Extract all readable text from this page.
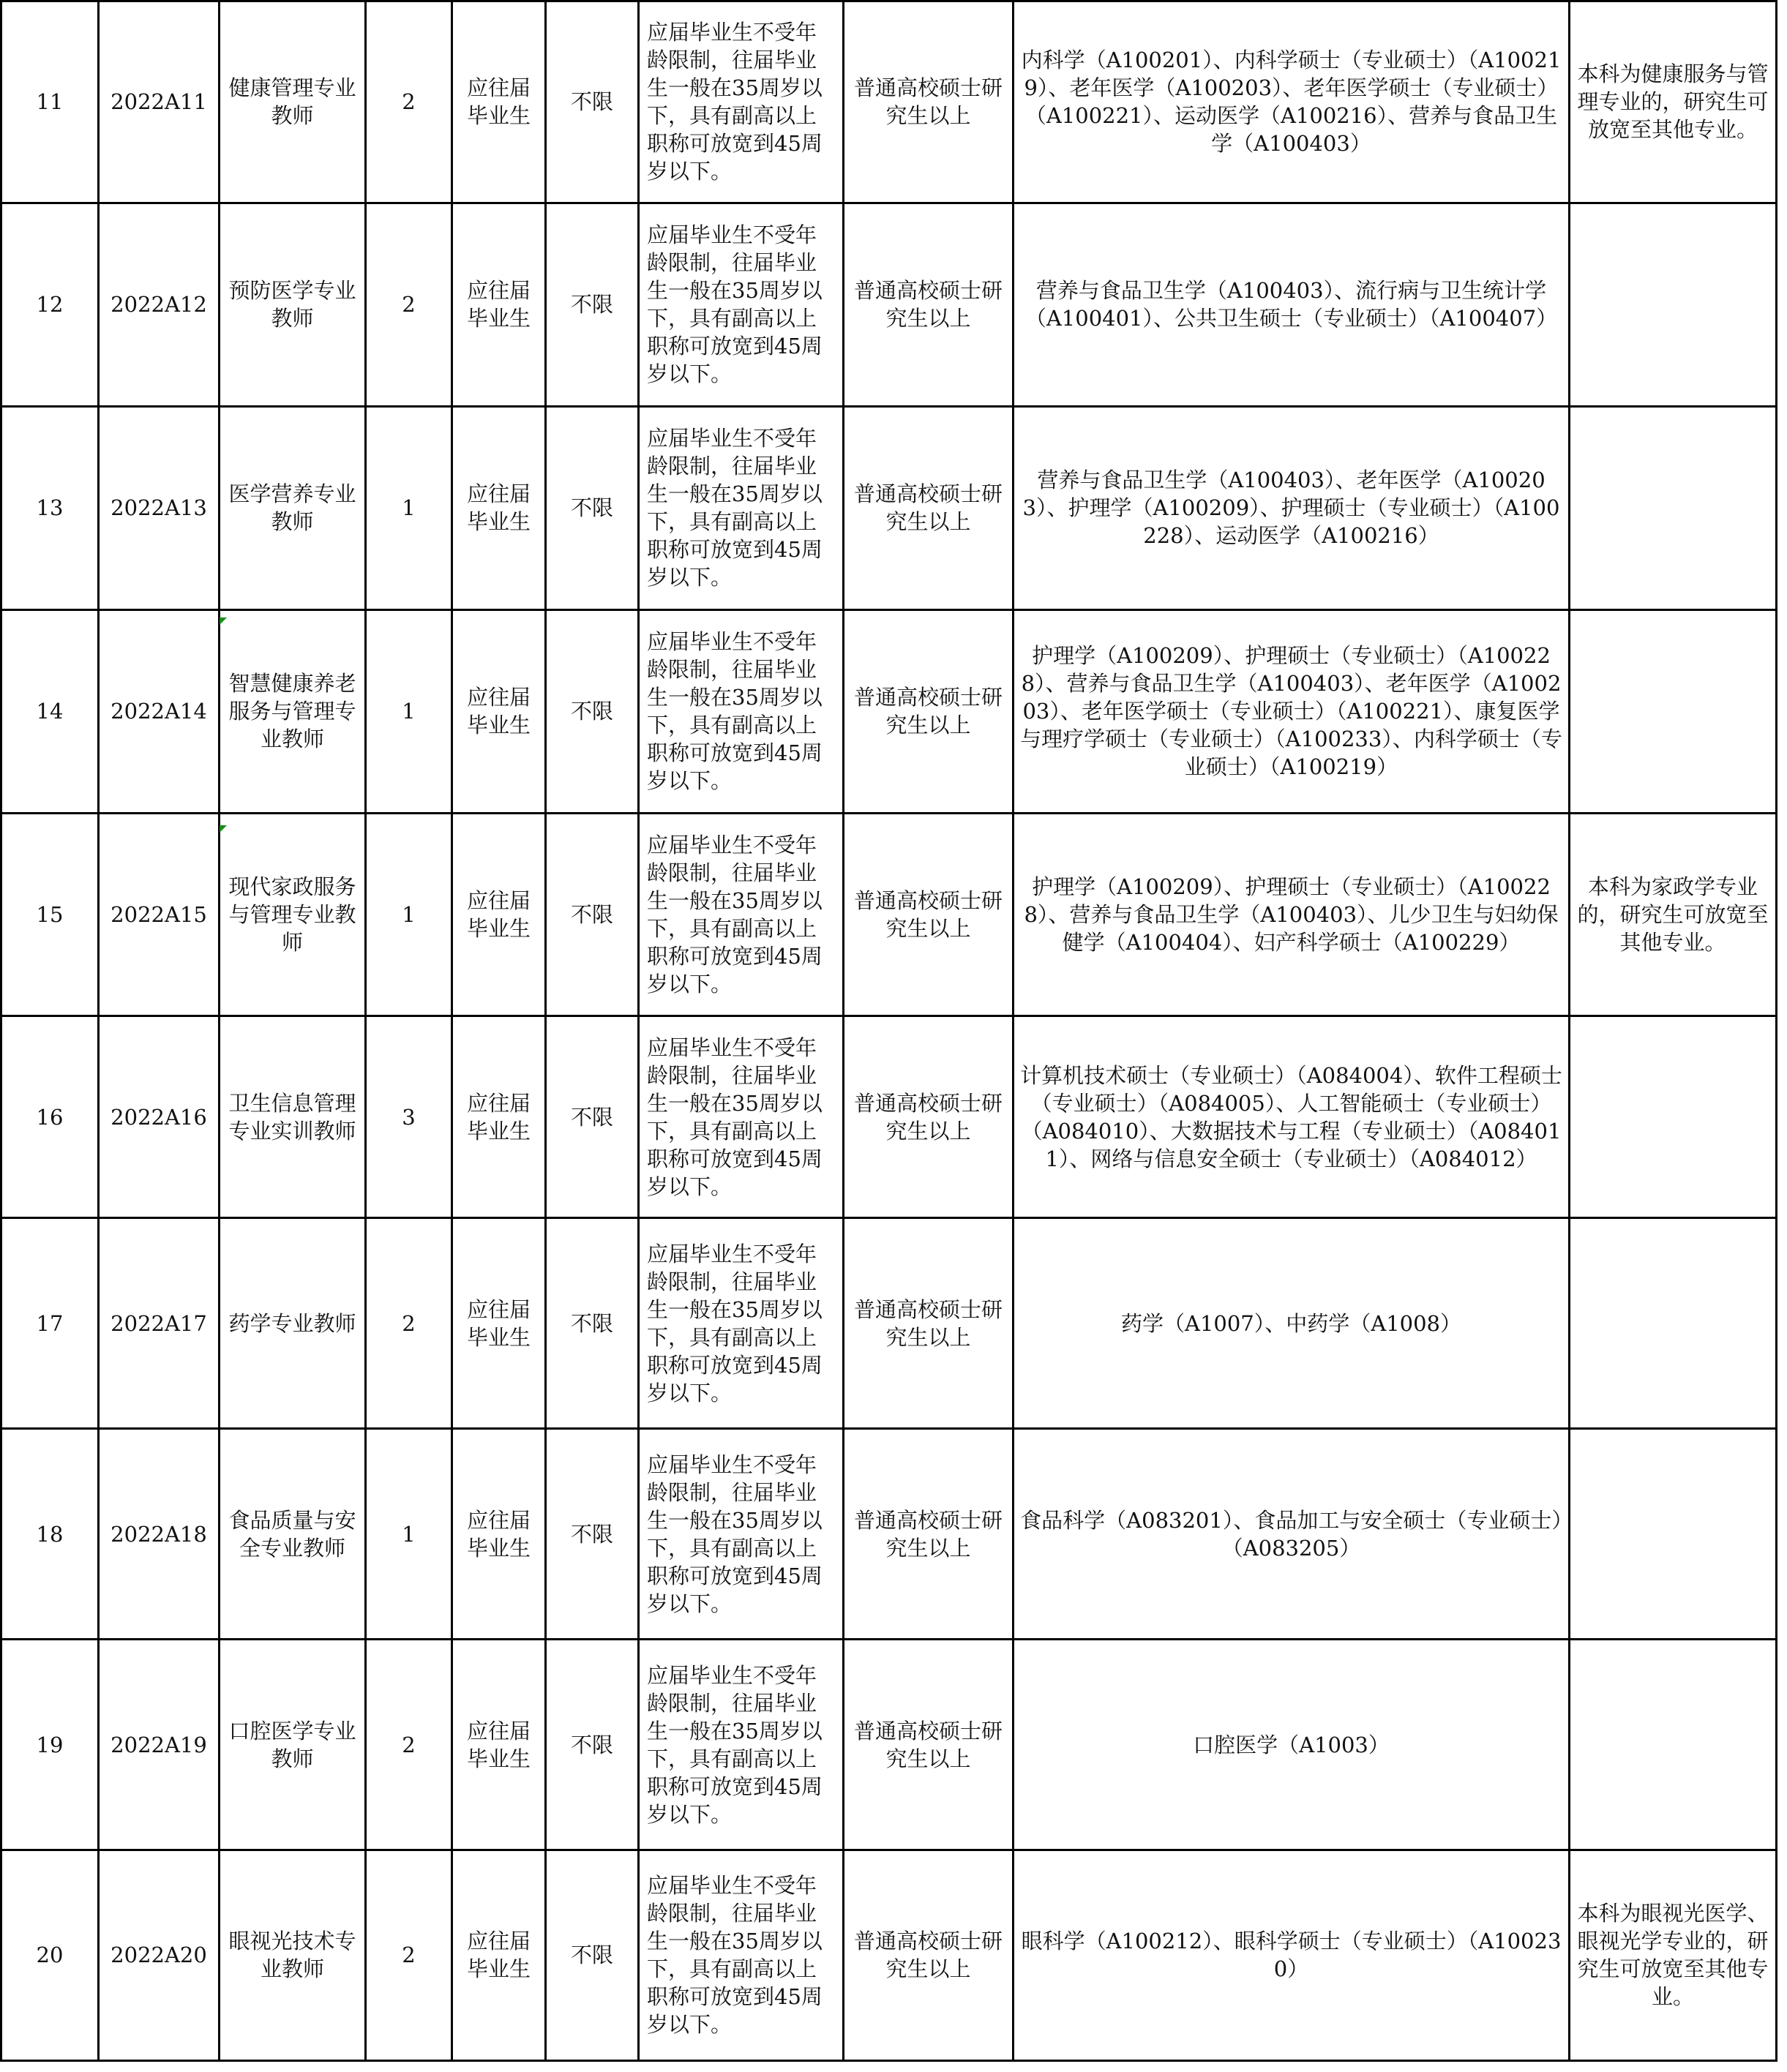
11	2022A11	健康管理专业教师	2	应往届毕业生	不限	应届毕业生不受年龄限制，往届毕业生一般在35周岁以下，具有副高以上职称可放宽到45周岁以下。	普通高校硕士研究生以上	内科学（A100201）、内科学硕士（专业硕士）（A100219）、老年医学（A100203）、老年医学硕士（专业硕士）（A100221）、运动医学（A100216）、营养与食品卫生学（A100403）	本科为健康服务与管理专业的，研究生可放宽至其他专业。
12	2022A12	预防医学专业教师	2	应往届毕业生	不限	应届毕业生不受年龄限制，往届毕业生一般在35周岁以下，具有副高以上职称可放宽到45周岁以下。	普通高校硕士研究生以上	营养与食品卫生学（A100403）、流行病与卫生统计学（A100401）、公共卫生硕士（专业硕士）（A100407）	
13	2022A13	医学营养专业教师	1	应往届毕业生	不限	应届毕业生不受年龄限制，往届毕业生一般在35周岁以下，具有副高以上职称可放宽到45周岁以下。	普通高校硕士研究生以上	营养与食品卫生学（A100403）、老年医学（A100203）、护理学（A100209）、护理硕士（专业硕士）（A100228）、运动医学（A100216）	
14	2022A14	智慧健康养老服务与管理专业教师	1	应往届毕业生	不限	应届毕业生不受年龄限制，往届毕业生一般在35周岁以下，具有副高以上职称可放宽到45周岁以下。	普通高校硕士研究生以上	护理学（A100209）、护理硕士（专业硕士）（A100228）、营养与食品卫生学（A100403）、老年医学（A100203）、老年医学硕士（专业硕士）（A100221）、康复医学与理疗学硕士（专业硕士）（A100233）、内科学硕士（专业硕士）（A100219）	
15	2022A15	现代家政服务与管理专业教师	1	应往届毕业生	不限	应届毕业生不受年龄限制，往届毕业生一般在35周岁以下，具有副高以上职称可放宽到45周岁以下。	普通高校硕士研究生以上	护理学（A100209）、护理硕士（专业硕士）（A100228）、营养与食品卫生学（A100403）、儿少卫生与妇幼保健学（A100404）、妇产科学硕士（A100229）	本科为家政学专业的，研究生可放宽至其他专业。
16	2022A16	卫生信息管理专业实训教师	3	应往届毕业生	不限	应届毕业生不受年龄限制，往届毕业生一般在35周岁以下，具有副高以上职称可放宽到45周岁以下。	普通高校硕士研究生以上	计算机技术硕士（专业硕士）（A084004）、软件工程硕士（专业硕士）（A084005）、人工智能硕士（专业硕士）（A084010）、大数据技术与工程（专业硕士）（A084011）、网络与信息安全硕士（专业硕士）（A084012）	
17	2022A17	药学专业教师	2	应往届毕业生	不限	应届毕业生不受年龄限制，往届毕业生一般在35周岁以下，具有副高以上职称可放宽到45周岁以下。	普通高校硕士研究生以上	药学（A1007）、中药学（A1008）	
18	2022A18	食品质量与安全专业教师	1	应往届毕业生	不限	应届毕业生不受年龄限制，往届毕业生一般在35周岁以下，具有副高以上职称可放宽到45周岁以下。	普通高校硕士研究生以上	食品科学（A083201）、食品加工与安全硕士（专业硕士）（A083205）	
19	2022A19	口腔医学专业教师	2	应往届毕业生	不限	应届毕业生不受年龄限制，往届毕业生一般在35周岁以下，具有副高以上职称可放宽到45周岁以下。	普通高校硕士研究生以上	口腔医学（A1003）	
20	2022A20	眼视光技术专业教师	2	应往届毕业生	不限	应届毕业生不受年龄限制，往届毕业生一般在35周岁以下，具有副高以上职称可放宽到45周岁以下。	普通高校硕士研究生以上	眼科学（A100212）、眼科学硕士（专业硕士）（A100230）	本科为眼视光医学、眼视光学专业的，研究生可放宽至其他专业。
